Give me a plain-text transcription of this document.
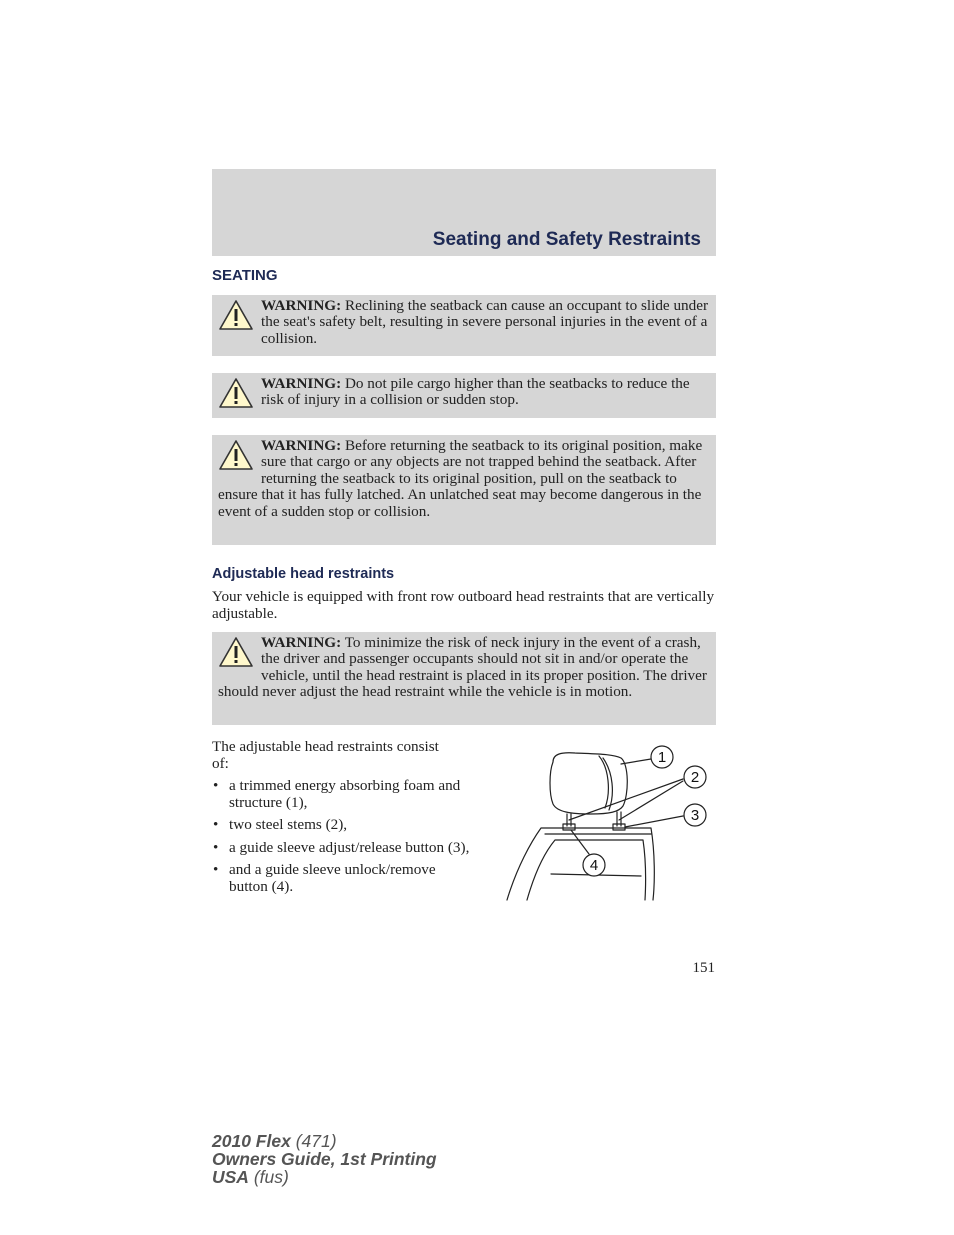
Seating and Safety Restraints
SEATING
WARNING: Reclining the seatback can cause an occupant to slide under the seat's safety belt, resulting in severe personal injuries in the event of a collision.
WARNING: Do not pile cargo higher than the seatbacks to reduce the risk of injury in a collision or sudden stop.
WARNING: Before returning the seatback to its original position, make sure that cargo or any objects are not trapped behind the seatback. After returning the seatback to its original position, pull on the seatback to ensure that it has fully latched. An unlatched seat may become dangerous in the event of a sudden stop or collision.
Adjustable head restraints
Your vehicle is equipped with front row outboard head restraints that are vertically adjustable.
WARNING: To minimize the risk of neck injury in the event of a crash, the driver and passenger occupants should not sit in and/or operate the vehicle, until the head restraint is placed in its proper position. The driver should never adjust the head restraint while the vehicle is in motion.
The adjustable head restraints consist of:
• a trimmed energy absorbing foam and structure (1),
• two steel stems (2),
• a guide sleeve adjust/release button (3),
• and a guide sleeve unlock/remove button (4).
1
2
3
4
151
2010 Flex (471)
Owners Guide, 1st Printing
USA (fus)
